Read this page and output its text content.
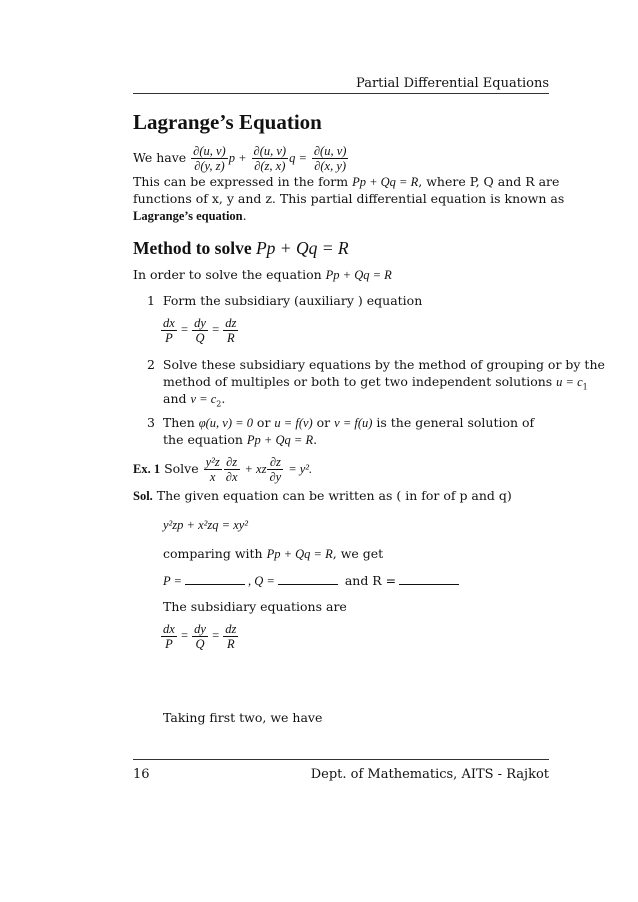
Partial Differential Equations
Lagrange’s Equation
We have $\frac{\partial(u, v)}{\partial(y, z)}$ $p + \frac{\partial(u, v)}{\partial(z, x)}$ $q = \frac{\partial(u, v)}{\partial(x, y)}$
This can be expressed in the form Pp + Qq = R, where P, Q and R are
functions of x, y and z. This partial differential equation is known as
Lagrange’s equation.
Method to solve Pp + Qq = R
In order to solve the equation Pp + Qq = R
1 Form the subsidiary (auxiliary ) equation
$\frac{dx}{P} = \frac{dy}{Q} = \frac{dz}{R}$
2 Solve these subsidiary equations by the method of grouping or by the
method of multiples or both to get two independent solutions $u = c_1$
and $v = c_2$.
3 Then φ(u, v) = 0 or u = f(v) or v = f(u) is the general solution of
the equation Pp + Qq = R.
Ex. 1 Solve $\frac{\text{y²z}}{x} \frac{\partial z}{\partial x}$ + xz $\frac{\partial z}{\partial y} = y^2$.
Sol. The given equation can be written as ( in for of p and q)
y²zp + x²zq = xy²
comparing with Pp + Qq = R, we get
P =	, Q =	and R =
The subsidiary equations are
$\frac{dx}{P} = \frac{dy}{Q} = \frac{dz}{R}$
Taking first two, we have
16	Dept. of Mathematics, AITS - Rajkot
